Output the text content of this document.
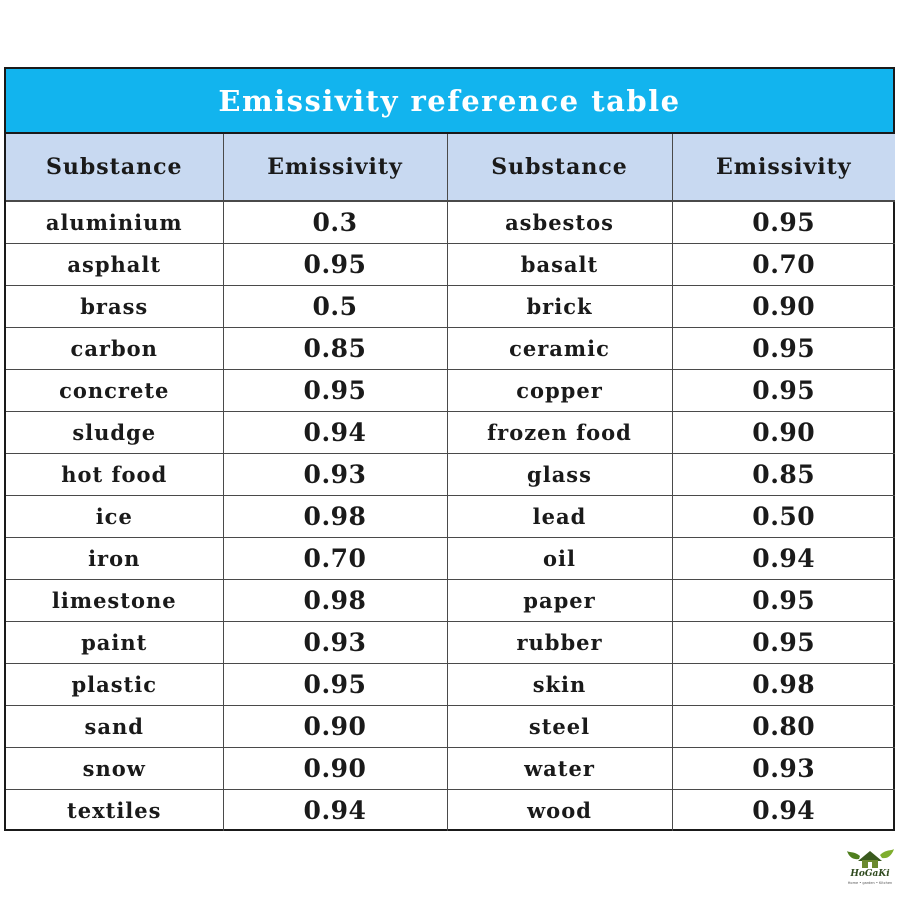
Emissivity reference table
Substance	Emissivity	Substance	Emissivity
aluminium	0.3	asbestos	0.95
asphalt	0.95	basalt	0.70
brass	0.5	brick	0.90
carbon	0.85	ceramic	0.95
concrete	0.95	copper	0.95
sludge	0.94	frozen food	0.90
hot food	0.93	glass	0.85
ice	0.98	lead	0.50
iron	0.70	oil	0.94
limestone	0.98	paper	0.95
paint	0.93	rubber	0.95
plastic	0.95	skin	0.98
sand	0.90	steel	0.80
snow	0.90	water	0.93
textiles	0.94	wood	0.94
HoGaKi
Home • garden • Kitchen
